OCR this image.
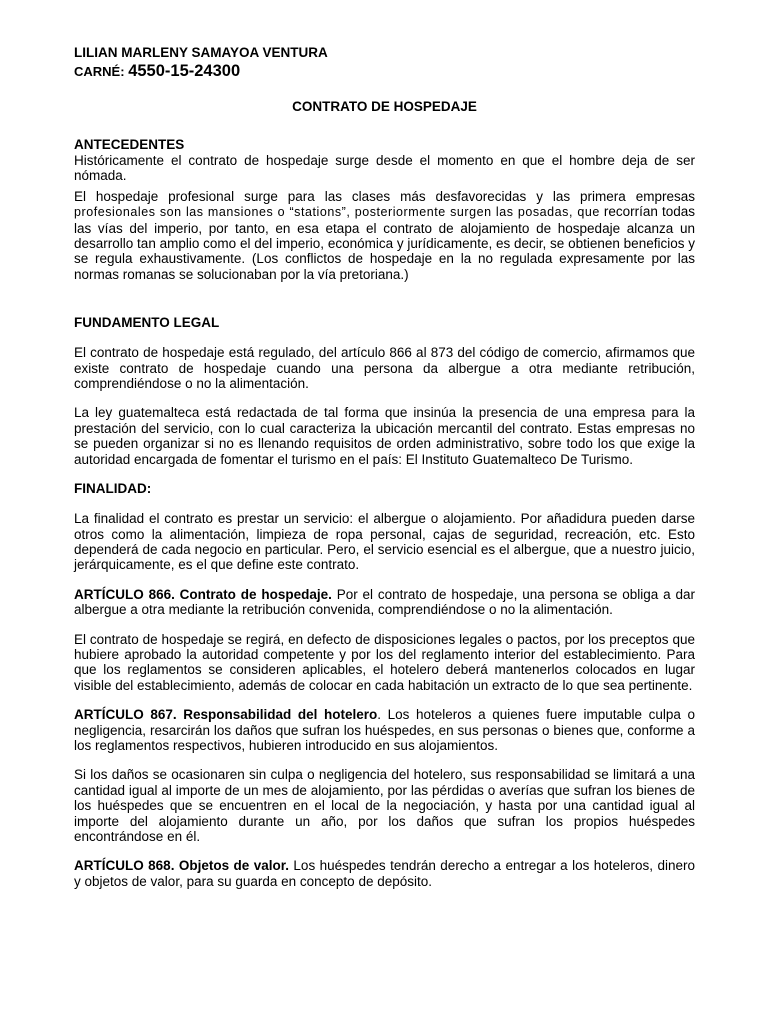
LILIAN MARLENY SAMAYOA VENTURA

CARNÉ: 4550-15-24300

CONTRATO DE HOSPEDAJE

ANTECEDENTES

Históricamente el contrato de hospedaje surge desde el momento en que el hombre deja de ser nómada.

El hospedaje profesional surge para las clases más desfavorecidas y las primera empresas profesionales son las mansiones o “stations”, posteriormente surgen las posadas, que recorrían todas las vías del imperio, por tanto, en esa etapa el contrato de alojamiento de hospedaje alcanza un desarrollo tan amplio como el del imperio, económica y jurídicamente, es decir, se obtienen beneficios y se regula exhaustivamente. (Los conflictos de hospedaje en la no regulada expresamente por las normas romanas se solucionaban por la vía pretoriana.)

FUNDAMENTO LEGAL

El contrato de hospedaje está regulado, del artículo 866 al 873 del código de comercio, afirmamos que existe contrato de hospedaje cuando una persona da albergue a otra mediante retribución, comprendiéndose o no la alimentación.

La ley guatemalteca está redactada de tal forma que insinúa la presencia de una empresa para la prestación del servicio, con lo cual caracteriza la ubicación mercantil del contrato. Estas empresas no se pueden organizar si no es llenando requisitos de orden administrativo, sobre todo los que exige la autoridad encargada de fomentar el turismo en el país: El Instituto Guatemalteco De Turismo.

FINALIDAD:

La finalidad el contrato es prestar un servicio: el albergue o alojamiento. Por añadidura pueden darse otros como la alimentación, limpieza de ropa personal, cajas de seguridad, recreación, etc. Esto dependerá de cada negocio en particular. Pero, el servicio esencial es el albergue, que a nuestro juicio, jerárquicamente, es el que define este contrato.

ARTÍCULO 866. Contrato de hospedaje. Por el contrato de hospedaje, una persona se obliga a dar albergue a otra mediante la retribución convenida, comprendiéndose o no la alimentación.

El contrato de hospedaje se regirá, en defecto de disposiciones legales o pactos, por los preceptos que hubiere aprobado la autoridad competente y por los del reglamento interior del establecimiento. Para que los reglamentos se consideren aplicables, el hotelero deberá mantenerlos colocados en lugar visible del establecimiento, además de colocar en cada habitación un extracto de lo que sea pertinente.

ARTÍCULO 867. Responsabilidad del hotelero. Los hoteleros a quienes fuere imputable culpa o negligencia, resarcirán los daños que sufran los huéspedes, en sus personas o bienes que, conforme a los reglamentos respectivos, hubieren introducido en sus alojamientos.

Si los daños se ocasionaren sin culpa o negligencia del hotelero, sus responsabilidad se limitará a una cantidad igual al importe de un mes de alojamiento, por las pérdidas o averías que sufran los bienes de los huéspedes que se encuentren en el local de la negociación, y hasta por una cantidad igual al importe del alojamiento durante un año, por los daños que sufran los propios huéspedes encontrándose en él.

ARTÍCULO 868. Objetos de valor. Los huéspedes tendrán derecho a entregar a los hoteleros, dinero y objetos de valor, para su guarda en concepto de depósito.
